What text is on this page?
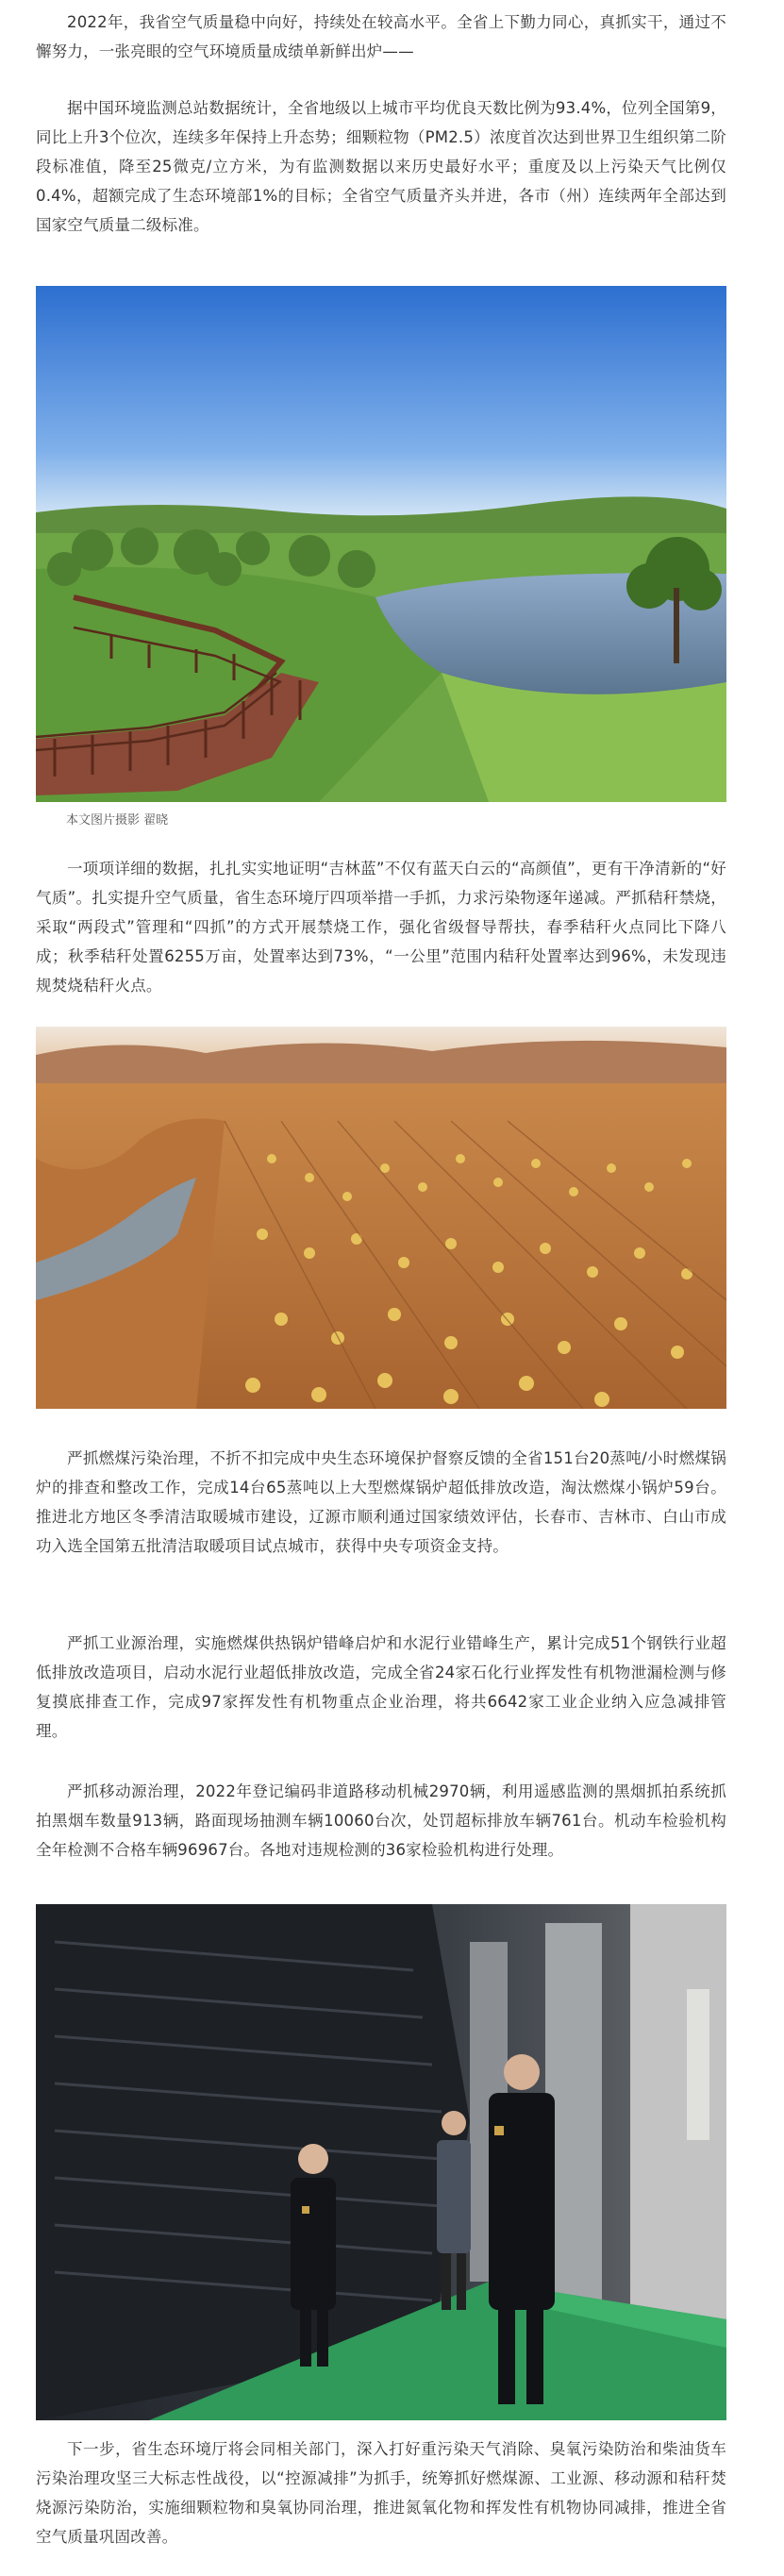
2022年，我省空气质量稳中向好，持续处在较高水平。全省上下勤力同心，真抓实干，通过不懈努力，一张亮眼的空气环境质量成绩单新鲜出炉——

据中国环境监测总站数据统计，全省地级以上城市平均优良天数比例为93.4%，位列全国第9，同比上升3个位次，连续多年保持上升态势；细颗粒物（PM2.5）浓度首次达到世界卫生组织第二阶段标准值，降至25微克/立方米，为有监测数据以来历史最好水平；重度及以上污染天气比例仅0.4%，超额完成了生态环境部1%的目标；全省空气质量齐头并进，各市（州）连续两年全部达到国家空气质量二级标准。

本文图片摄影 翟晓

一项项详细的数据，扎扎实实地证明“吉林蓝”不仅有蓝天白云的“高颜值”，更有干净清新的“好气质”。扎实提升空气质量，省生态环境厅四项举措一手抓，力求污染物逐年递减。严抓秸秆禁烧，采取“两段式”管理和“四抓”的方式开展禁烧工作，强化省级督导帮扶，春季秸秆火点同比下降八成；秋季秸秆处置6255万亩，处置率达到73%，“一公里”范围内秸秆处置率达到96%，未发现违规焚烧秸秆火点。

严抓燃煤污染治理，不折不扣完成中央生态环境保护督察反馈的全省151台20蒸吨/小时燃煤锅炉的排查和整改工作，完成14台65蒸吨以上大型燃煤锅炉超低排放改造，淘汰燃煤小锅炉59台。推进北方地区冬季清洁取暖城市建设，辽源市顺利通过国家绩效评估，长春市、吉林市、白山市成功入选全国第五批清洁取暖项目试点城市，获得中央专项资金支持。

严抓工业源治理，实施燃煤供热锅炉错峰启炉和水泥行业错峰生产，累计完成51个钢铁行业超低排放改造项目，启动水泥行业超低排放改造，完成全省24家石化行业挥发性有机物泄漏检测与修复摸底排查工作，完成97家挥发性有机物重点企业治理，将共6642家工业企业纳入应急减排管理。

严抓移动源治理，2022年登记编码非道路移动机械2970辆，利用遥感监测的黑烟抓拍系统抓拍黑烟车数量913辆，路面现场抽测车辆10060台次，处罚超标排放车辆761台。机动车检验机构全年检测不合格车辆96967台。各地对违规检测的36家检验机构进行处理。

下一步，省生态环境厅将会同相关部门，深入打好重污染天气消除、臭氧污染防治和柴油货车污染治理攻坚三大标志性战役，以“控源减排”为抓手，统筹抓好燃煤源、工业源、移动源和秸秆焚烧源污染防治，实施细颗粒物和臭氧协同治理，推进氮氧化物和挥发性有机物协同减排，推进全省空气质量巩固改善。
